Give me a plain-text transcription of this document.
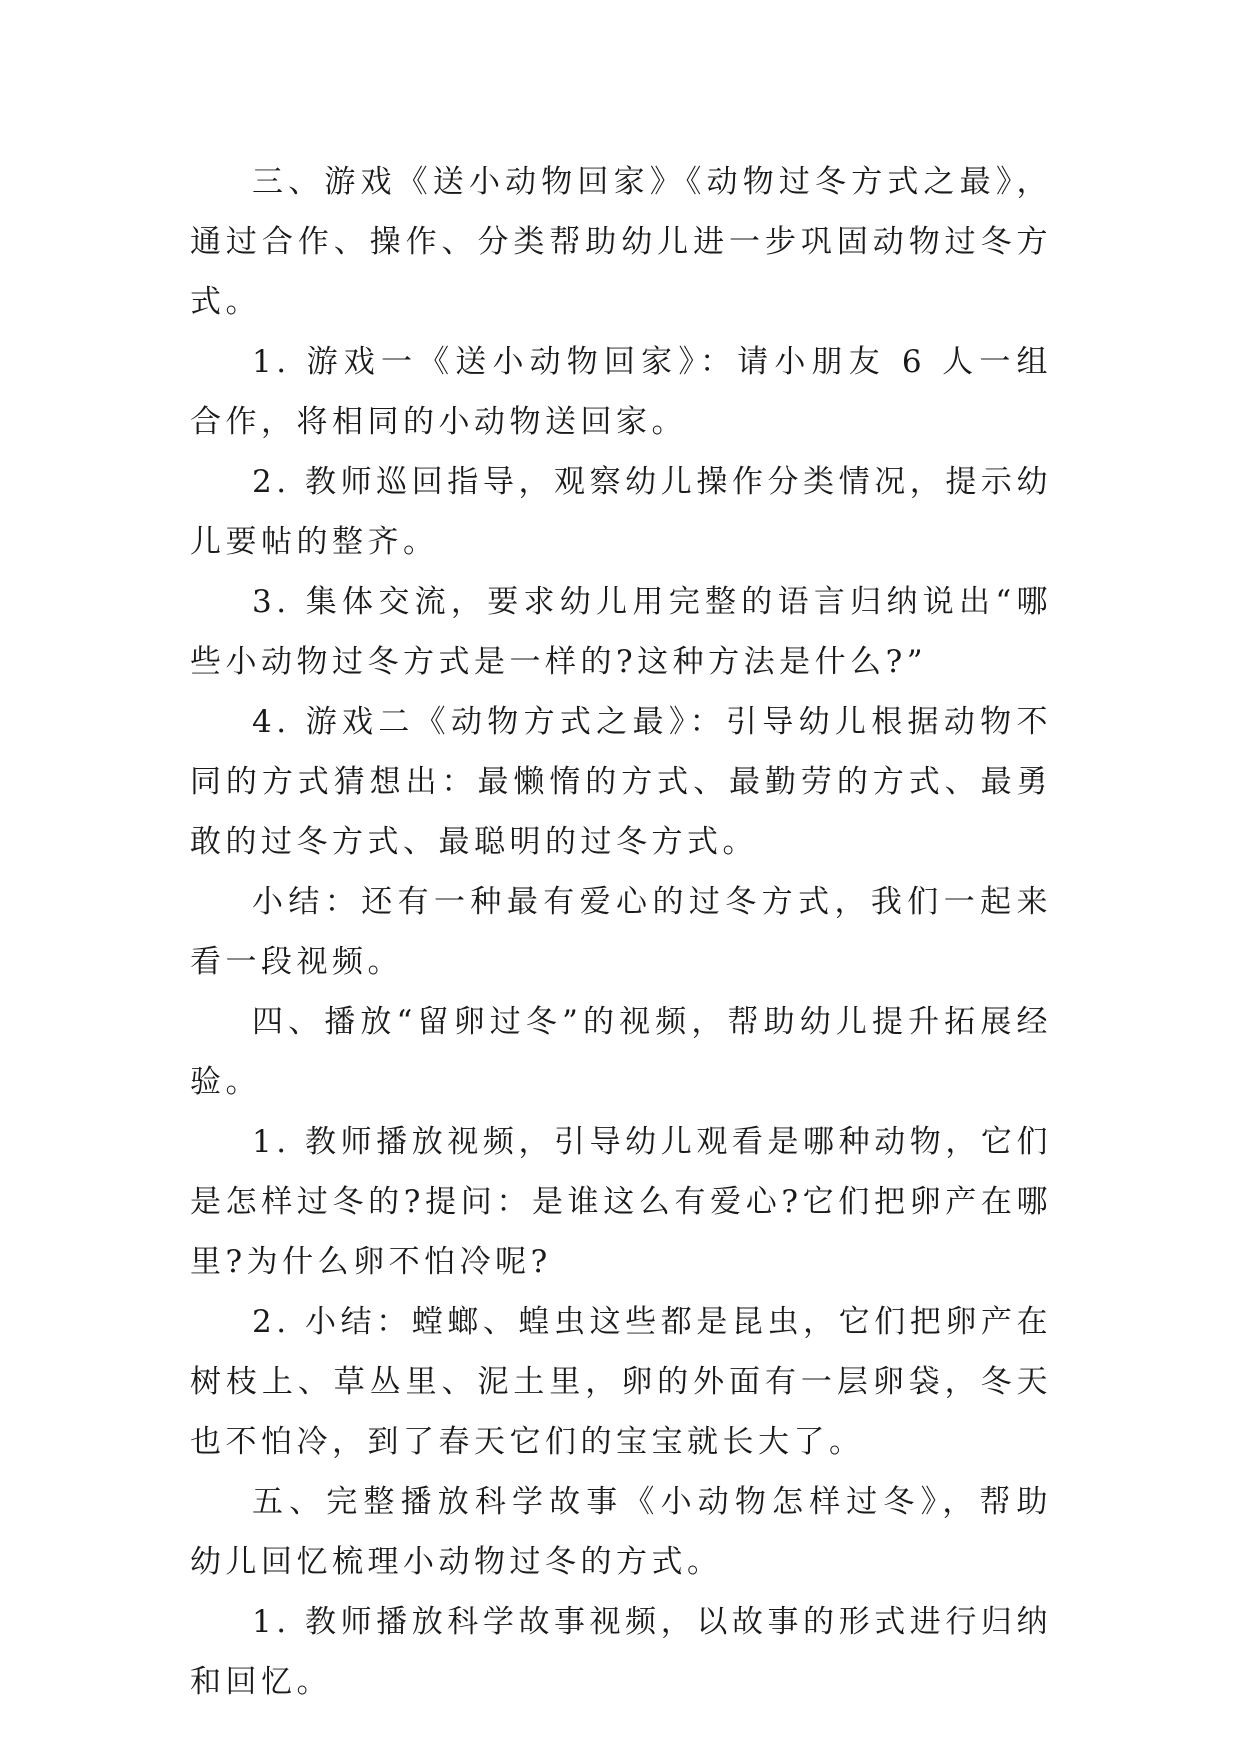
三、游戏《送小动物回家》《动物过冬方式之最》，通过合作、操作、分类帮助幼儿进一步巩固动物过冬方式。

1. 游戏一《送小动物回家》：请小朋友 6 人一组合作，将相同的小动物送回家。

2. 教师巡回指导，观察幼儿操作分类情况，提示幼儿要帖的整齐。

3. 集体交流，要求幼儿用完整的语言归纳说出“哪些小动物过冬方式是一样的?这种方法是什么?”

4. 游戏二《动物方式之最》：引导幼儿根据动物不同的方式猜想出：最懒惰的方式、最勤劳的方式、最勇敢的过冬方式、最聪明的过冬方式。

小结：还有一种最有爱心的过冬方式，我们一起来看一段视频。

四、播放“留卵过冬”的视频，帮助幼儿提升拓展经验。

1. 教师播放视频，引导幼儿观看是哪种动物，它们是怎样过冬的?提问：是谁这么有爱心?它们把卵产在哪里?为什么卵不怕冷呢?

2. 小结：螳螂、蝗虫这些都是昆虫，它们把卵产在树枝上、草丛里、泥土里，卵的外面有一层卵袋，冬天也不怕冷，到了春天它们的宝宝就长大了。

五、完整播放科学故事《小动物怎样过冬》，帮助幼儿回忆梳理小动物过冬的方式。

1. 教师播放科学故事视频，以故事的形式进行归纳和回忆。
